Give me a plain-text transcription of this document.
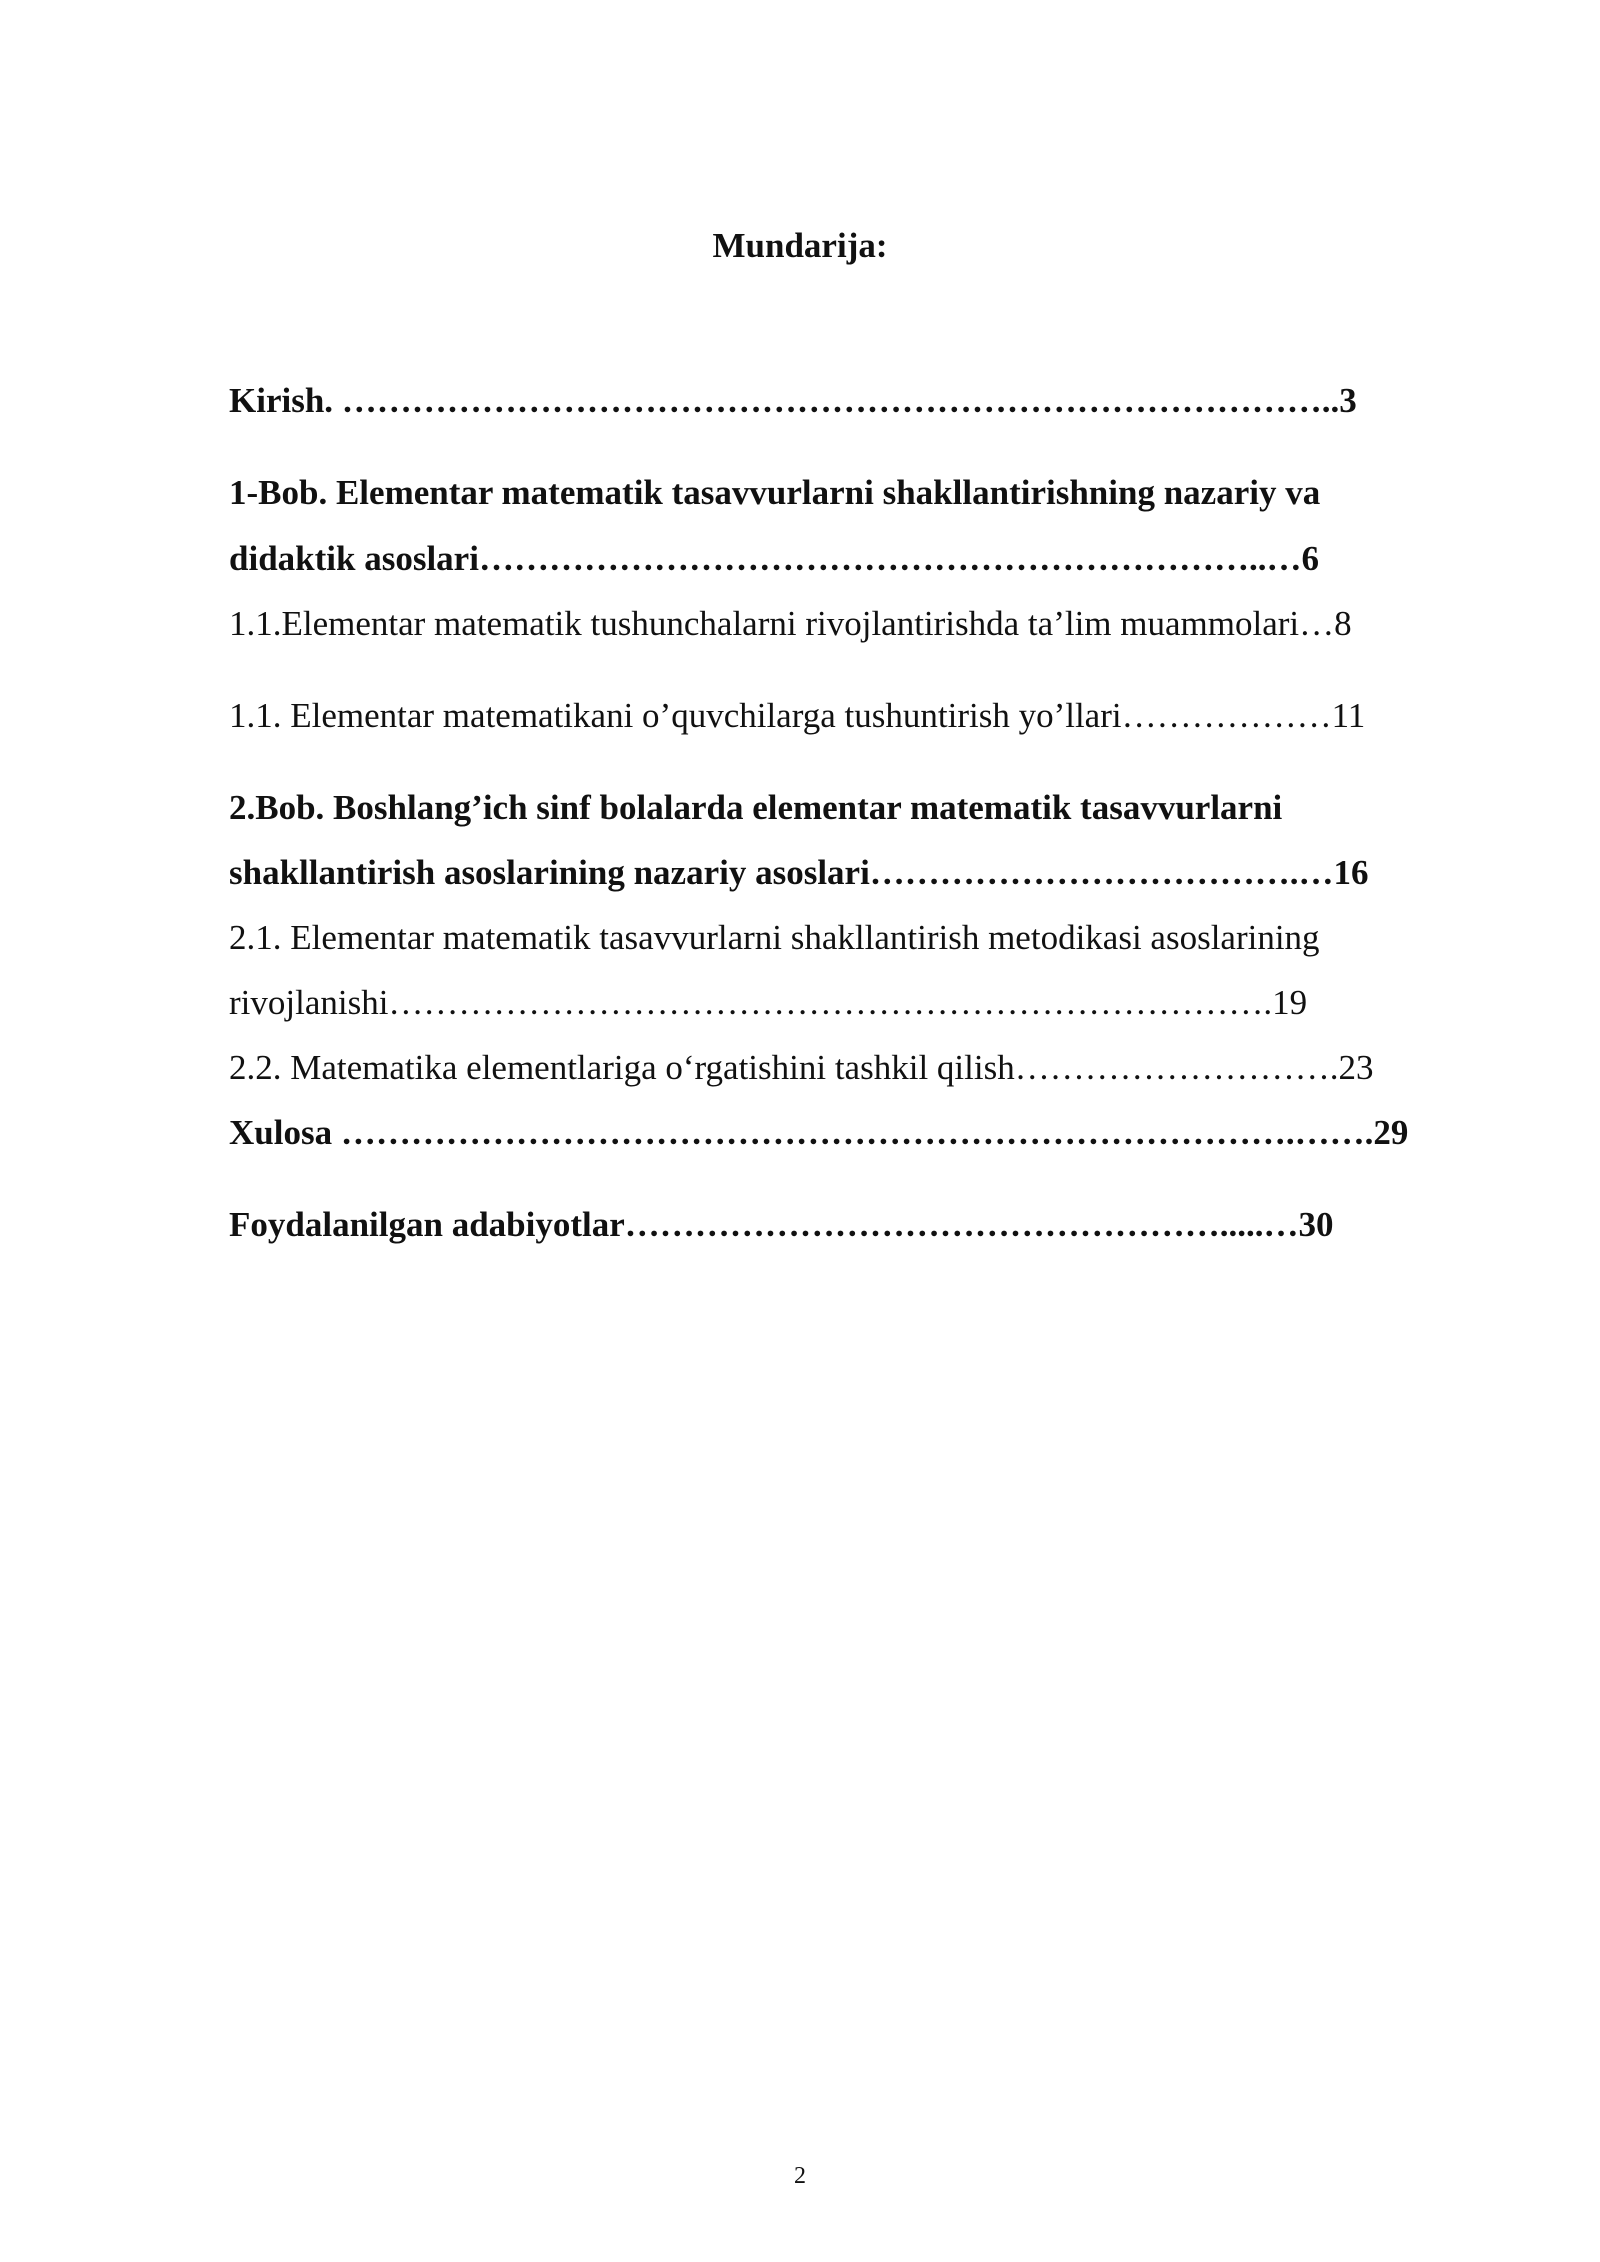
Mundarija:
Kirish. …………………………………………………………………………..3
1-Bob. Elementar matematik tasavvurlarni shakllantirishning nazariy va
didaktik asoslari…………………………………………………………..…6
1.1.Elementar matematik tushunchalarni rivojlantirishda ta’lim muammolari…8
1.1. Elementar matematikani o’quvchilarga tushuntirish yo’llari………………11
2.Bob. Boshlang’ich sinf bolalarda elementar matematik tasavvurlarni
shakllantirish asoslarining nazariy asoslari……………………………….…16
2.1. Elementar matematik tasavvurlarni shakllantirish metodikasi asoslarining
rivojlanishi………………………………………………………………….19
2.2. Matematika elementlariga o‘rgatishini tashkil qilish……………………….23
Xulosa ……………………………………………………………………….…….29
Foydalanilgan adabiyotlar…………………………………………….....…30
2
